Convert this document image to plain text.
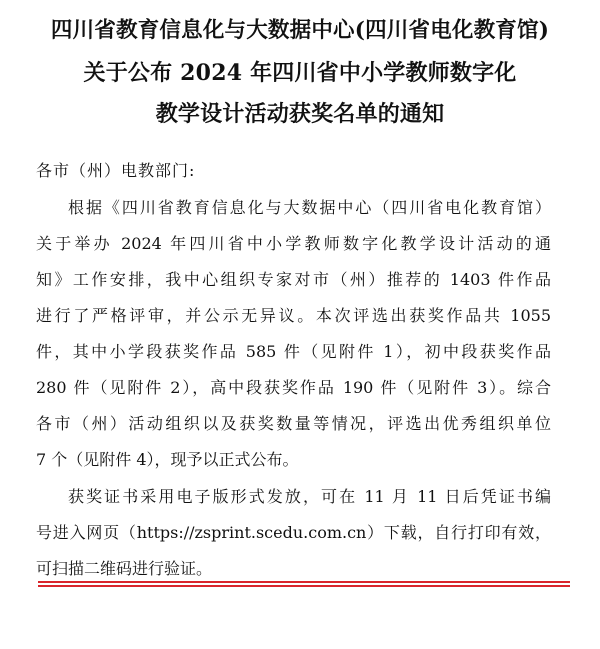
四川省教育信息化与大数据中心(四川省电化教育馆)
关于公布 2024 年四川省中小学教师数字化
教学设计活动获奖名单的通知
各市（州）电教部门:
根据《四川省教育信息化与大数据中心（四川省电化教育馆）
关于举办 2024 年四川省中小学教师数字化教学设计活动的通
知》工作安排，我中心组织专家对市（州）推荐的 1403 件作品
进行了严格评审，并公示无异议。本次评选出获奖作品共 1055
件，其中小学段获奖作品 585 件（见附件 1），初中段获奖作品
280 件（见附件 2），高中段获奖作品 190 件（见附件 3）。综合
各市（州）活动组织以及获奖数量等情况，评选出优秀组织单位
7 个（见附件 4），现予以正式公布。
获奖证书采用电子版形式发放，可在 11 月 11 日后凭证书编
号进入网页（https://zsprint.scedu.com.cn）下载，自行打印有效，
可扫描二维码进行验证。
